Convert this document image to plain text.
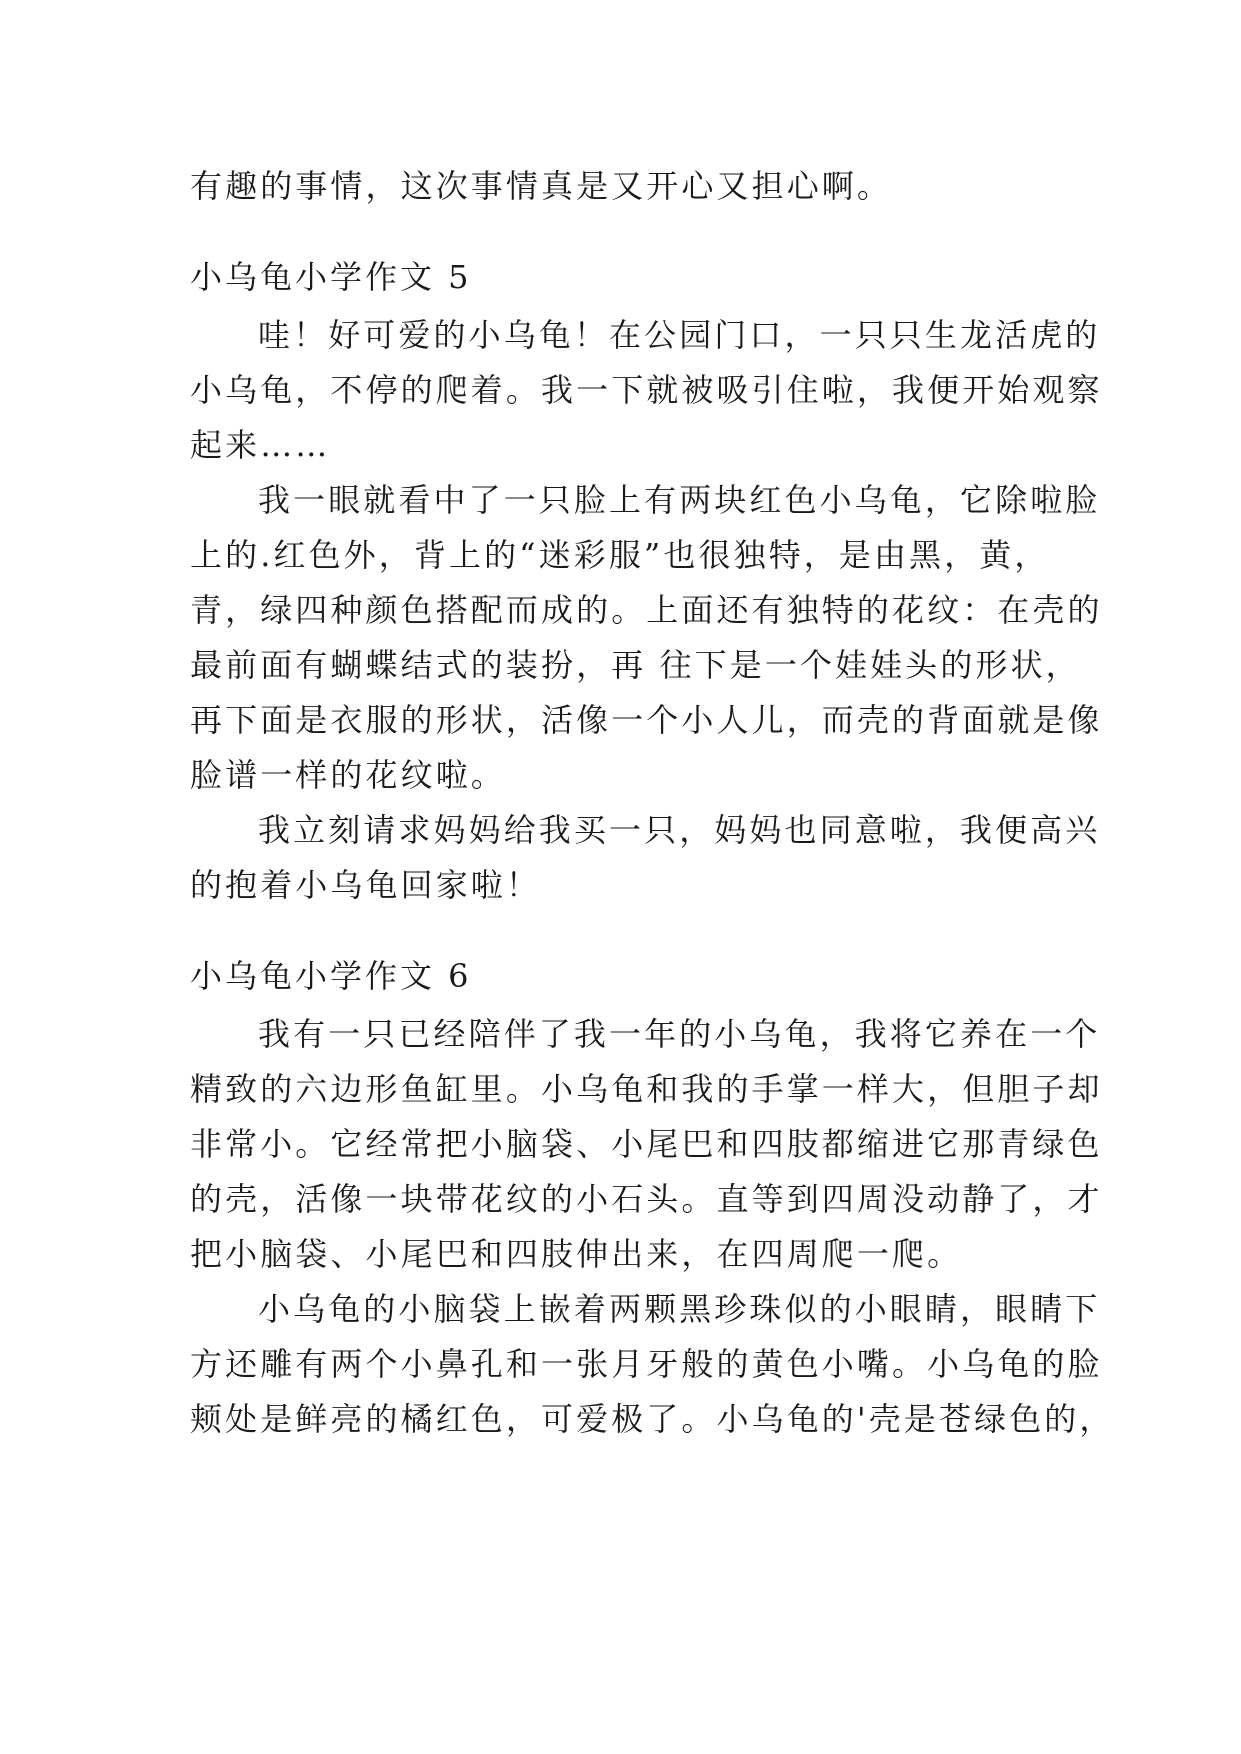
有趣的事情，这次事情真是又开心又担心啊。
小乌龟小学作文 5
哇！好可爱的小乌龟！在公园门口，一只只生龙活虎的
小乌龟，不停的爬着。我一下就被吸引住啦，我便开始观察
起来……
我一眼就看中了一只脸上有两块红色小乌龟，它除啦脸
上的.红色外，背上的“迷彩服”也很独特，是由黑，黄，
青，绿四种颜色搭配而成的。上面还有独特的花纹：在壳的
最前面有蝴蝶结式的装扮，再 往下是一个娃娃头的形状，
再下面是衣服的形状，活像一个小人儿，而壳的背面就是像
脸谱一样的花纹啦。
我立刻请求妈妈给我买一只，妈妈也同意啦，我便高兴
的抱着小乌龟回家啦！
小乌龟小学作文 6
我有一只已经陪伴了我一年的小乌龟，我将它养在一个
精致的六边形鱼缸里。小乌龟和我的手掌一样大，但胆子却
非常小。它经常把小脑袋、小尾巴和四肢都缩进它那青绿色
的壳，活像一块带花纹的小石头。直等到四周没动静了，才
把小脑袋、小尾巴和四肢伸出来，在四周爬一爬。
小乌龟的小脑袋上嵌着两颗黑珍珠似的小眼睛，眼睛下
方还雕有两个小鼻孔和一张月牙般的黄色小嘴。小乌龟的脸
颊处是鲜亮的橘红色，可爱极了。小乌龟的'壳是苍绿色的，
